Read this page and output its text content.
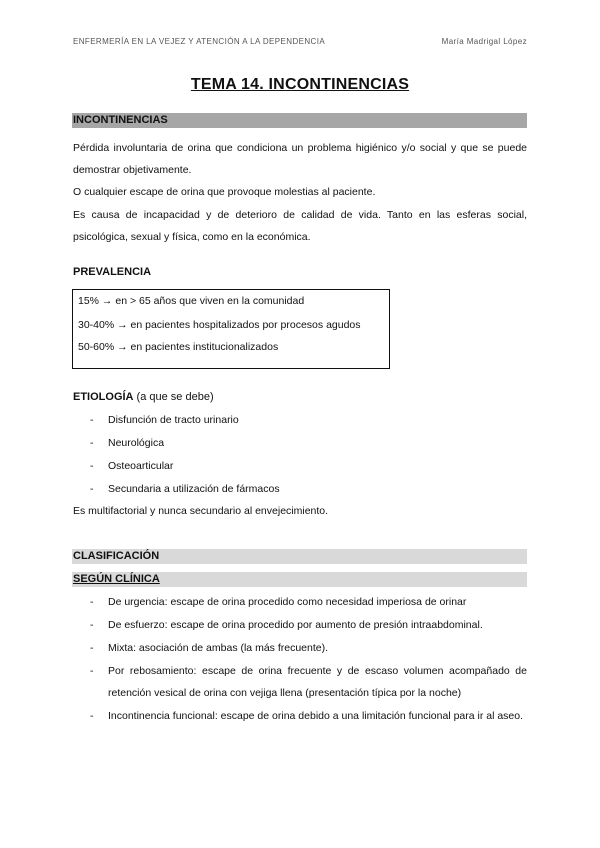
ENFERMERÍA EN LA VEJEZ Y ATENCIÓN A LA DEPENDENCIA	María Madrigal López
TEMA 14. INCONTINENCIAS
INCONTINENCIAS
Pérdida involuntaria de orina que condiciona un problema higiénico y/o social y que se puede demostrar objetivamente.
O cualquier escape de orina que provoque molestias al paciente.
Es causa de incapacidad y de deterioro de calidad de vida. Tanto en las esferas social, psicológica, sexual y física, como en la económica.
PREVALENCIA
15% → en > 65 años que viven en la comunidad
30-40% → en pacientes hospitalizados por procesos agudos
50-60% → en pacientes institucionalizados
ETIOLOGÍA (a que se debe)
- Disfunción de tracto urinario
- Neurológica
- Osteoarticular
- Secundaria a utilización de fármacos
Es multifactorial y nunca secundario al envejecimiento.
CLASIFICACIÓN
SEGÚN CLÍNICA
- De urgencia: escape de orina procedido como necesidad imperiosa de orinar
- De esfuerzo: escape de orina procedido por aumento de presión intraabdominal.
- Mixta: asociación de ambas (la más frecuente).
- Por rebosamiento: escape de orina frecuente y de escaso volumen acompañado de retención vesical de orina con vejiga llena (presentación típica por la noche)
- Incontinencia funcional: escape de orina debido a una limitación funcional para ir al aseo.
